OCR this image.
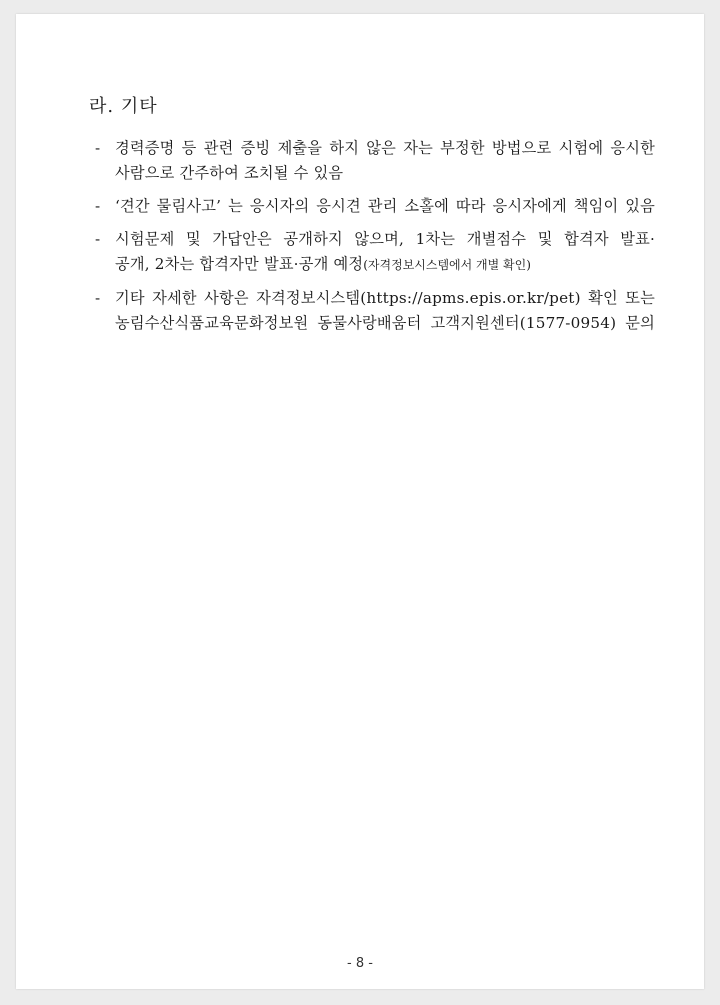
라. 기타
- 경력증명 등 관련 증빙 제출을 하지 않은 자는 부정한 방법으로 시험에 응시한
사람으로 간주하여 조치될 수 있음
- ‘견간 물림사고’ 는 응시자의 응시견 관리 소홀에 따라 응시자에게 책임이 있음
- 시험문제 및 가답안은 공개하지 않으며, 1차는 개별점수 및 합격자 발표·
공개, 2차는 합격자만 발표·공개 예정(자격정보시스템에서 개별 확인)
- 기타 자세한 사항은 자격정보시스템(https://apms.epis.or.kr/pet) 확인 또는
농림수산식품교육문화정보원 동물사랑배움터 고객지원센터(1577-0954) 문의
- 8 -
